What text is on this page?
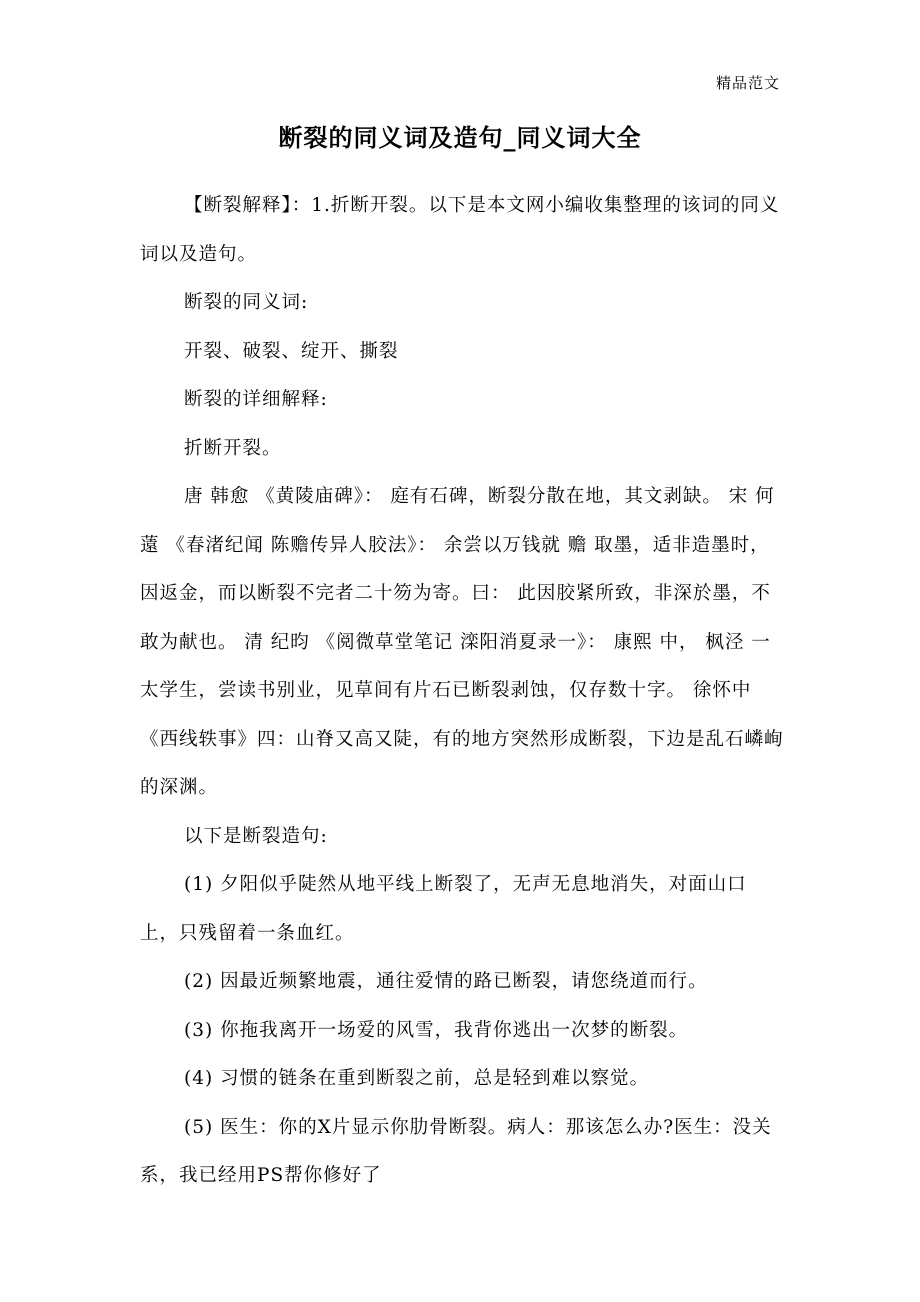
精品范文
断裂的同义词及造句_同义词大全

【断裂解释】：1.折断开裂。以下是本文网小编收集整理的该词的同义词以及造句。

断裂的同义词:

开裂、破裂、绽开、撕裂

断裂的详细解释:

折断开裂。

唐 韩愈 《黄陵庙碑》： 庭有石碑，断裂分散在地，其文剥缺。 宋 何薳 《春渚纪闻 陈赡传异人胶法》： 余尝以万钱就 赡 取墨，适非造墨时，因返金，而以断裂不完者二十笏为寄。曰： 此因胶紧所致，非深於墨，不敢为献也。 清 纪昀 《阅微草堂笔记 滦阳消夏录一》： 康熙 中， 枫泾 一太学生，尝读书别业，见草间有片石已断裂剥蚀，仅存数十字。 徐怀中 《西线轶事》四：山脊又高又陡，有的地方突然形成断裂，下边是乱石嶙峋的深渊。

以下是断裂造句:

(1) 夕阳似乎陡然从地平线上断裂了，无声无息地消失，对面山口上，只残留着一条血红。

(2) 因最近频繁地震，通往爱情的路已断裂，请您绕道而行。

(3) 你拖我离开一场爱的风雪，我背你逃出一次梦的断裂。

(4) 习惯的链条在重到断裂之前，总是轻到难以察觉。

(5) 医生：你的X片显示你肋骨断裂。病人：那该怎么办?医生：没关系，我已经用PS帮你修好了
